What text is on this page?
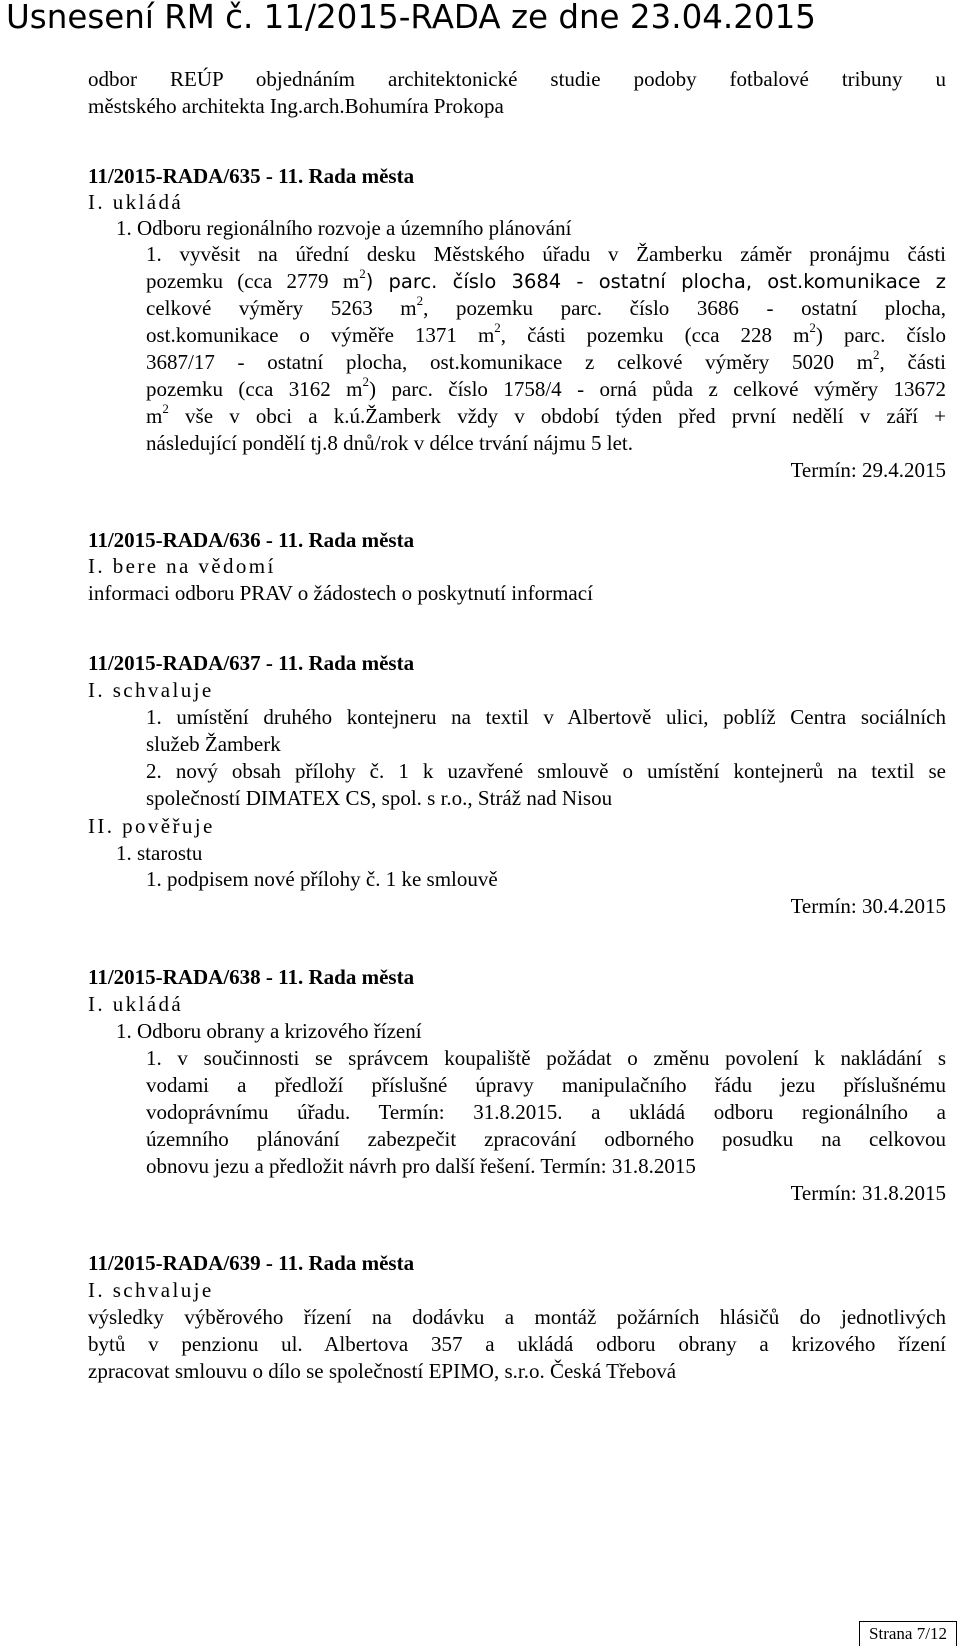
Usnesení RM č. 11/2015-RADA ze dne 23.04.2015
odbor REÚP objednáním architektonické studie podoby fotbalové tribuny u
městského architekta Ing.arch.Bohumíra Prokopa
11/2015-RADA/635 - 11. Rada města
I. ukládá
1. Odboru regionálního rozvoje a územního plánování
1. vyvěsit na úřední desku Městského úřadu v Žamberku záměr pronájmu části
pozemku (cca 2779 $m^2$) parc. číslo 3684 - ostatní plocha, ost.komunikace z
celkové výměry 5263 $m^2$, pozemku parc. číslo 3686 - ostatní plocha,
ost.komunikace o výměře 1371 $m^2$, části pozemku (cca 228 $m^2$) parc. číslo
3687/17 - ostatní plocha, ost.komunikace z celkové výměry 5020 $m^2$, části
pozemku (cca 3162 $m^2$) parc. číslo 1758/4 - orná půda z celkové výměry 13672
$m^2$ vše v obci a k.ú.Žamberk vždy v období týden před první nedělí v září +
následující pondělí tj.8 dnů/rok v délce trvání nájmu 5 let.
Termín: 29.4.2015
11/2015-RADA/636 - 11. Rada města
I. bere na vědomí
informaci odboru PRAV o žádostech o poskytnutí informací
11/2015-RADA/637 - 11. Rada města
I. schvaluje
1. umístění druhého kontejneru na textil v Albertově ulici, poblíž Centra sociálních
služeb Žamberk
2. nový obsah přílohy č. 1 k uzavřené smlouvě o umístění kontejnerů na textil se
společností DIMATEX CS, spol. s r.o., Stráž nad Nisou
II. pověřuje
1. starostu
1. podpisem nové přílohy č. 1 ke smlouvě
Termín: 30.4.2015
11/2015-RADA/638 - 11. Rada města
I. ukládá
1. Odboru obrany a krizového řízení
1. v součinnosti se správcem koupaliště požádat o změnu povolení k nakládání s
vodami a předloží příslušné úpravy manipulačního řádu jezu příslušnému
vodoprávnímu úřadu. Termín: 31.8.2015. a ukládá odboru regionálního a
územního plánování zabezpečit zpracování odborného posudku na celkovou
obnovu jezu a předložit návrh pro další řešení. Termín: 31.8.2015
Termín: 31.8.2015
11/2015-RADA/639 - 11. Rada města
I. schvaluje
výsledky výběrového řízení na dodávku a montáž požárních hlásičů do jednotlivých
bytů v penzionu ul. Albertova 357 a ukládá odboru obrany a krizového řízení
zpracovat smlouvu o dílo se společností EPIMO, s.r.o. Česká Třebová
Strana 7/12
